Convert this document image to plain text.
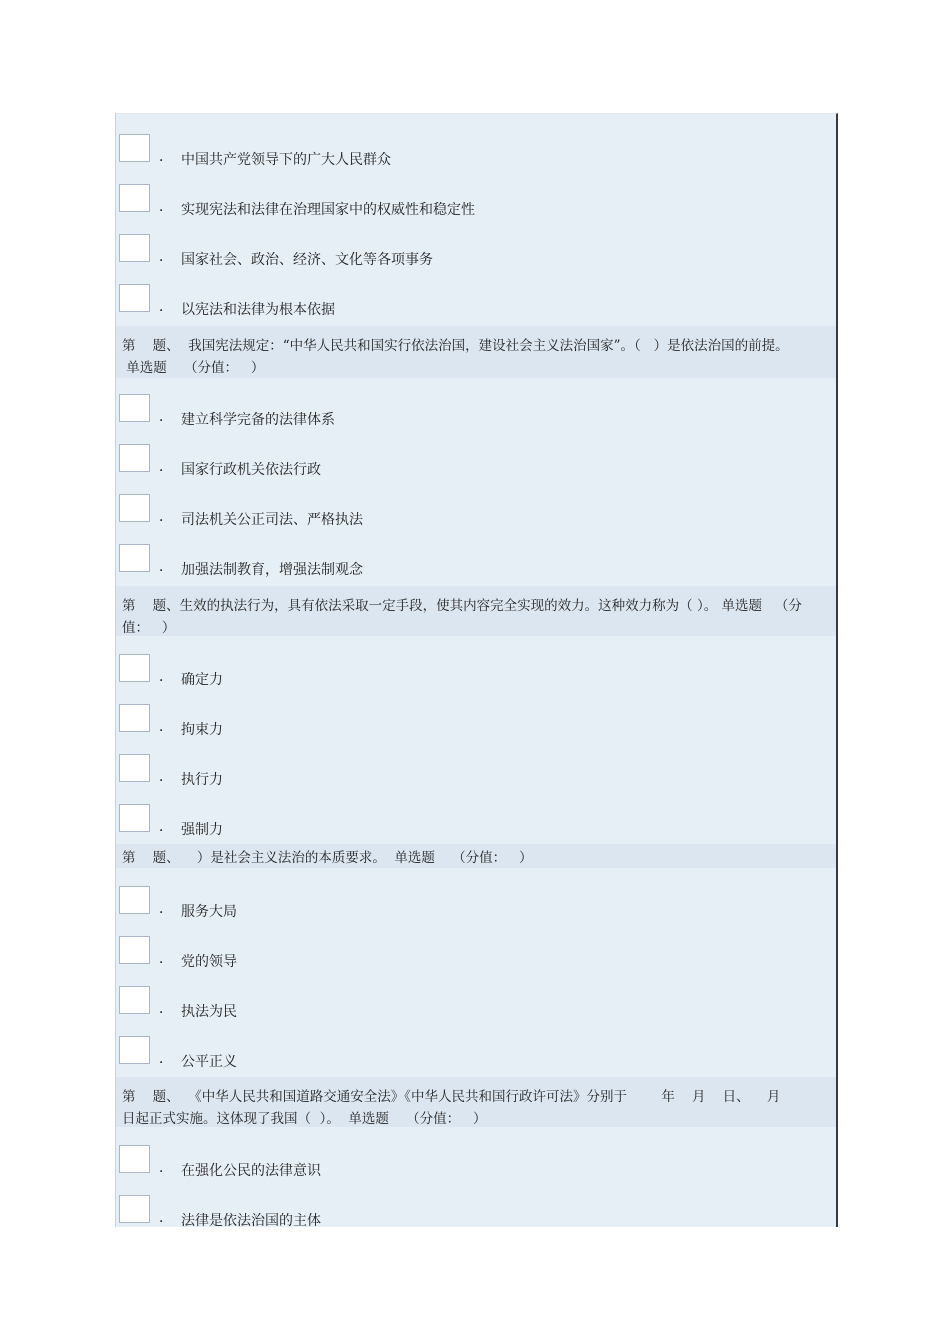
． 中国共产党领导下的广大人民群众
． 实现宪法和法律在治理国家中的权威性和稳定性
． 国家社会、政治、经济、文化等各项事务
． 以宪法和法律为根本依据
第    题、  我国宪法规定：“中华人民共和国实行依法治国，建设社会主义法治国家”。（   ）是依法治国的前提。
单选题    （分值：   ）
． 建立科学完备的法律体系
． 国家行政机关依法行政
． 司法机关公正司法、严格执法
． 加强法制教育，增强法制观念
第    题、生效的执法行为，具有依法采取一定手段，使其内容完全实现的效力。这种效力称为（ ）。 单选题   （分
值：   ）
． 确定力
． 拘束力
． 执行力
． 强制力
第    题、    ）是社会主义法治的本质要求。  单选题    （分值：   ）
． 服务大局
． 党的领导
． 执法为民
． 公平正义
第    题、  《中华人民共和国道路交通安全法》《中华人民共和国行政许可法》分别于        年    月    日、    月
日起正式实施。这体现了我国（  ）。  单选题    （分值：   ）
． 在强化公民的法律意识
． 法律是依法治国的主体
